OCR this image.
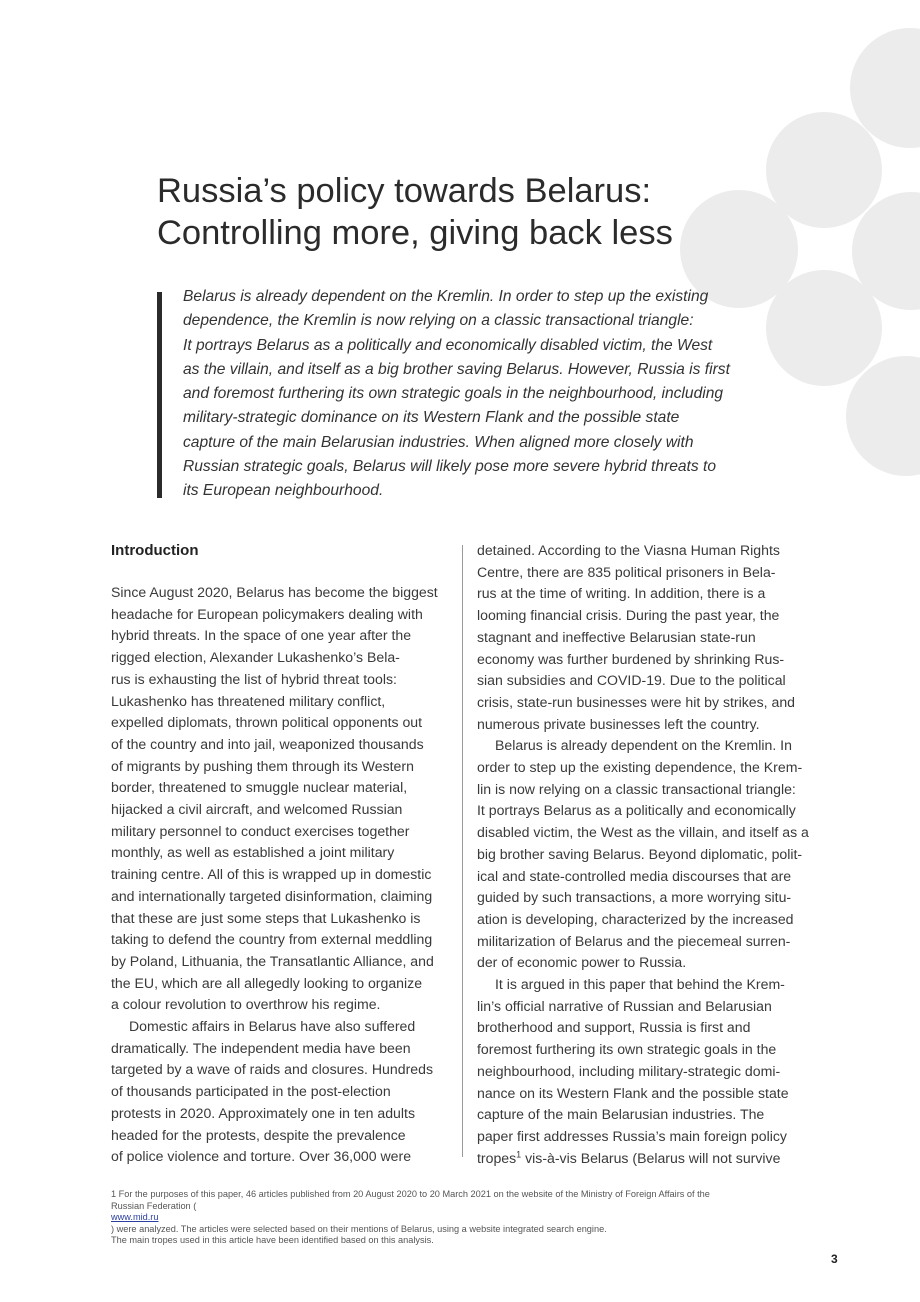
Russia’s policy towards Belarus:
Controlling more, giving back less
Belarus is already dependent on the Kremlin. In order to step up the existing
dependence, the Kremlin is now relying on a classic transactional triangle:
It portrays Belarus as a politically and economically disabled victim, the West
as the villain, and itself as a big brother saving Belarus. However, Russia is first
and foremost furthering its own strategic goals in the neighbourhood, including
military-strategic dominance on its Western Flank and the possible state
capture of the main Belarusian industries. When aligned more closely with
Russian strategic goals, Belarus will likely pose more severe hybrid threats to
its European neighbourhood.
Introduction
Since August 2020, Belarus has become the biggest
headache for European policymakers dealing with
hybrid threats. In the space of one year after the
rigged election, Alexander Lukashenko’s Bela-
rus is exhausting the list of hybrid threat tools:
Lukashenko has threatened military conflict,
expelled diplomats, thrown political opponents out
of the country and into jail, weaponized thousands
of migrants by pushing them through its Western
border, threatened to smuggle nuclear material,
hijacked a civil aircraft, and welcomed Russian
military personnel to conduct exercises together
monthly, as well as established a joint military
training centre. All of this is wrapped up in domestic
and internationally targeted disinformation, claiming
that these are just some steps that Lukashenko is
taking to defend the country from external meddling
by Poland, Lithuania, the Transatlantic Alliance, and
the EU, which are all allegedly looking to organize
a colour revolution to overthrow his regime.
Domestic affairs in Belarus have also suffered
dramatically. The independent media have been
targeted by a wave of raids and closures. Hundreds
of thousands participated in the post-election
protests in 2020. Approximately one in ten adults
headed for the protests, despite the prevalence
of police violence and torture. Over 36,000 were
detained. According to the Viasna Human Rights
Centre, there are 835 political prisoners in Bela-
rus at the time of writing. In addition, there is a
looming financial crisis. During the past year, the
stagnant and ineffective Belarusian state-run
economy was further burdened by shrinking Rus-
sian subsidies and COVID-19. Due to the political
crisis, state-run businesses were hit by strikes, and
numerous private businesses left the country.
Belarus is already dependent on the Kremlin. In
order to step up the existing dependence, the Krem-
lin is now relying on a classic transactional triangle:
It portrays Belarus as a politically and economically
disabled victim, the West as the villain, and itself as a
big brother saving Belarus. Beyond diplomatic, polit-
ical and state-controlled media discourses that are
guided by such transactions, a more worrying situ-
ation is developing, characterized by the increased
militarization of Belarus and the piecemeal surren-
der of economic power to Russia.
It is argued in this paper that behind the Krem-
lin’s official narrative of Russian and Belarusian
brotherhood and support, Russia is first and
foremost furthering its own strategic goals in the
neighbourhood, including military-strategic domi-
nance on its Western Flank and the possible state
capture of the main Belarusian industries. The
paper first addresses Russia’s main foreign policy
tropes$^1$ vis-à-vis Belarus (Belarus will not survive
1 For the purposes of this paper, 46 articles published from 20 August 2020 to 20 March 2021 on the website of the Ministry of Foreign Affairs of the
Russian Federation (
www.mid.ru
) were analyzed. The articles were selected based on their mentions of Belarus, using a website integrated search engine.
The main tropes used in this article have been identified based on this analysis.
3
